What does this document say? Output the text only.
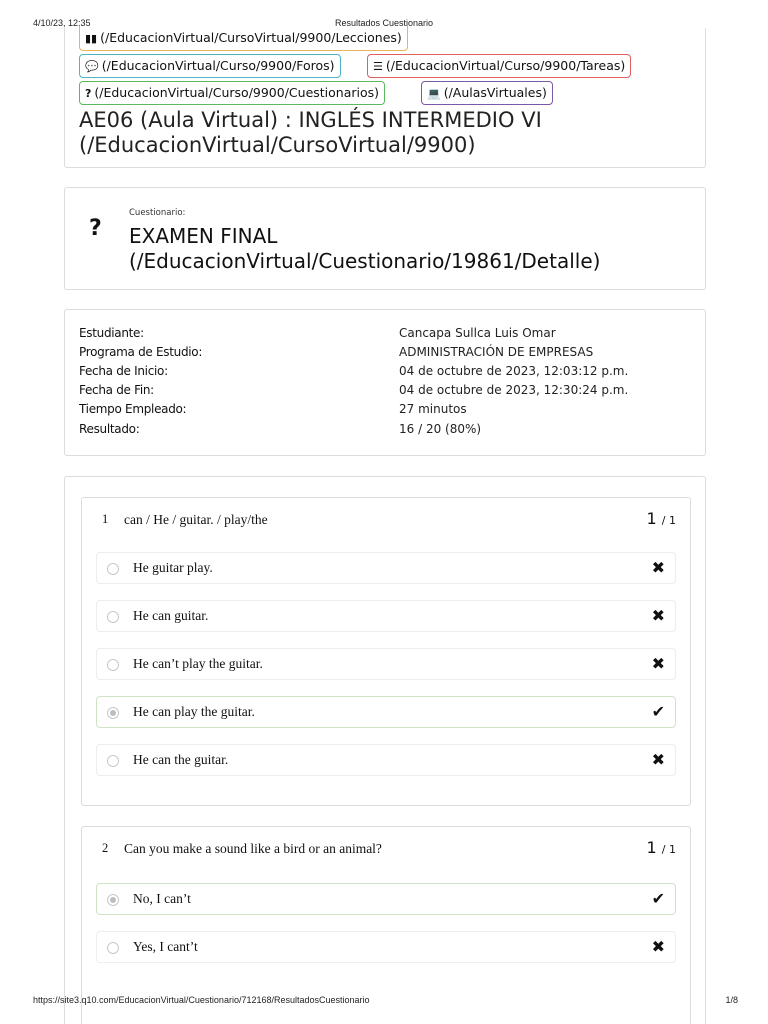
4/10/23, 12:35	Resultados Cuestionario
▮▮ (/EducacionVirtual/CursoVirtual/9900/Lecciones)
💬 (/EducacionVirtual/Curso/9900/Foros)	☰ (/EducacionVirtual/Curso/9900/Tareas)
? (/EducacionVirtual/Curso/9900/Cuestionarios)	💻 (/AulasVirtuales)
AE06 (Aula Virtual) : INGLÉS INTERMEDIO VI (/EducacionVirtual/CursoVirtual/9900)
?
Cuestionario:
EXAMEN FINAL (/EducacionVirtual/Cuestionario/19861/Detalle)
Estudiante:	Cancapa Sullca Luis Omar
Programa de Estudio:	ADMINISTRACIÓN DE EMPRESAS
Fecha de Inicio:	04 de octubre de 2023, 12:03:12 p.m.
Fecha de Fin:	04 de octubre de 2023, 12:30:24 p.m.
Tiempo Empleado:	27 minutos
Resultado:	16 / 20 (80%)
1 can / He / guitar. / play/the	1 / 1
He guitar play.	✖
He can guitar.	✖
He can’t play the guitar.	✖
He can play the guitar.	✔
He can the guitar.	✖
2 Can you make a sound like a bird or an animal?	1 / 1
No, I can’t	✔
Yes, I cant’t	✖
https://site3.q10.com/EducacionVirtual/Cuestionario/712168/ResultadosCuestionario	1/8
